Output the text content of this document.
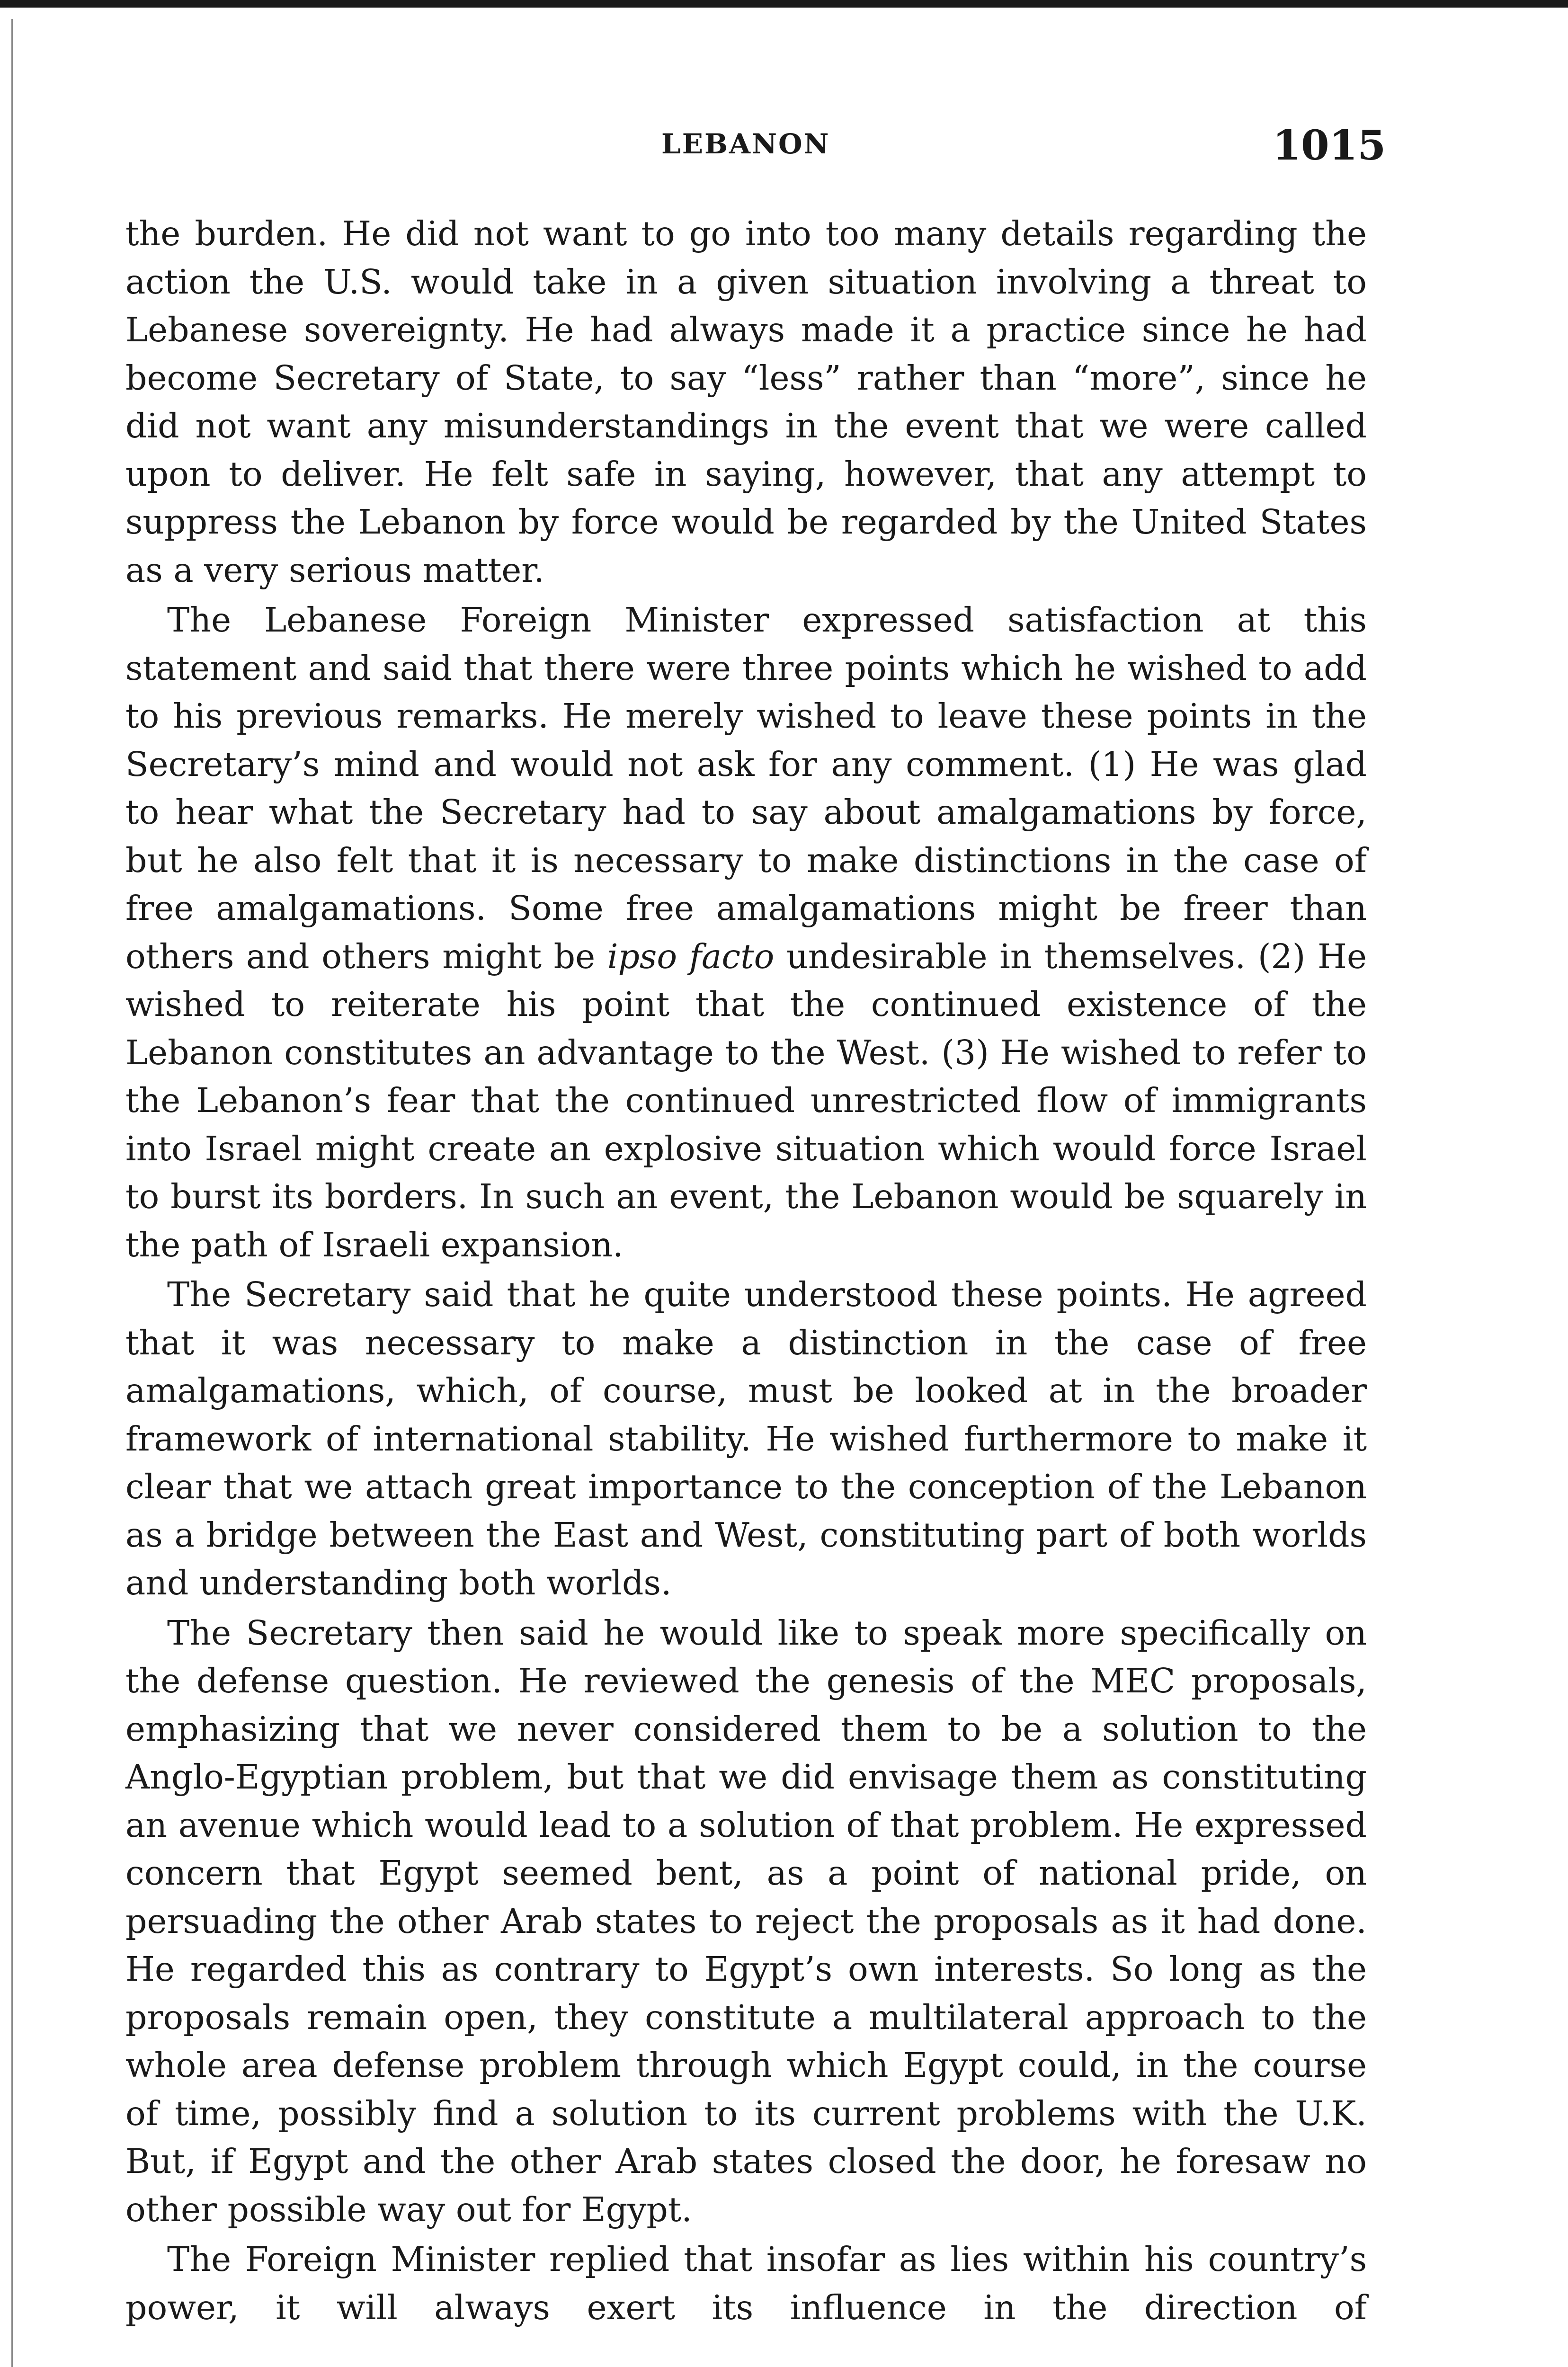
LEBANON	1015

the burden. He did not want to go into too many details regarding the action the U.S. would take in a given situation involving a threat to Lebanese sovereignty. He had always made it a practice since he had become Secretary of State, to say “less” rather than “more”, since he did not want any misunderstandings in the event that we were called upon to deliver. He felt safe in saying, however, that any attempt to suppress the Lebanon by force would be regarded by the United States as a very serious matter.

The Lebanese Foreign Minister expressed satisfaction at this statement and said that there were three points which he wished to add to his previous remarks. He merely wished to leave these points in the Secretary’s mind and would not ask for any comment. (1) He was glad to hear what the Secretary had to say about amalgamations by force, but he also felt that it is necessary to make distinctions in the case of free amalgamations. Some free amalgamations might be freer than others and others might be ipso facto undesirable in themselves. (2) He wished to reiterate his point that the continued existence of the Lebanon constitutes an advantage to the West. (3) He wished to refer to the Lebanon’s fear that the continued unrestricted flow of immigrants into Israel might create an explosive situation which would force Israel to burst its borders. In such an event, the Lebanon would be squarely in the path of Israeli expansion.

The Secretary said that he quite understood these points. He agreed that it was necessary to make a distinction in the case of free amalgamations, which, of course, must be looked at in the broader framework of international stability. He wished furthermore to make it clear that we attach great importance to the conception of the Lebanon as a bridge between the East and West, constituting part of both worlds and understanding both worlds.

The Secretary then said he would like to speak more specifically on the defense question. He reviewed the genesis of the MEC proposals, emphasizing that we never considered them to be a solution to the Anglo-Egyptian problem, but that we did envisage them as constituting an avenue which would lead to a solution of that problem. He expressed concern that Egypt seemed bent, as a point of national pride, on persuading the other Arab states to reject the proposals as it had done. He regarded this as contrary to Egypt’s own interests. So long as the proposals remain open, they constitute a multilateral approach to the whole area defense problem through which Egypt could, in the course of time, possibly find a solution to its current problems with the U.K. But, if Egypt and the other Arab states closed the door, he foresaw no other possible way out for Egypt.

The Foreign Minister replied that insofar as lies within his country’s power, it will always exert its influence in the direction of
